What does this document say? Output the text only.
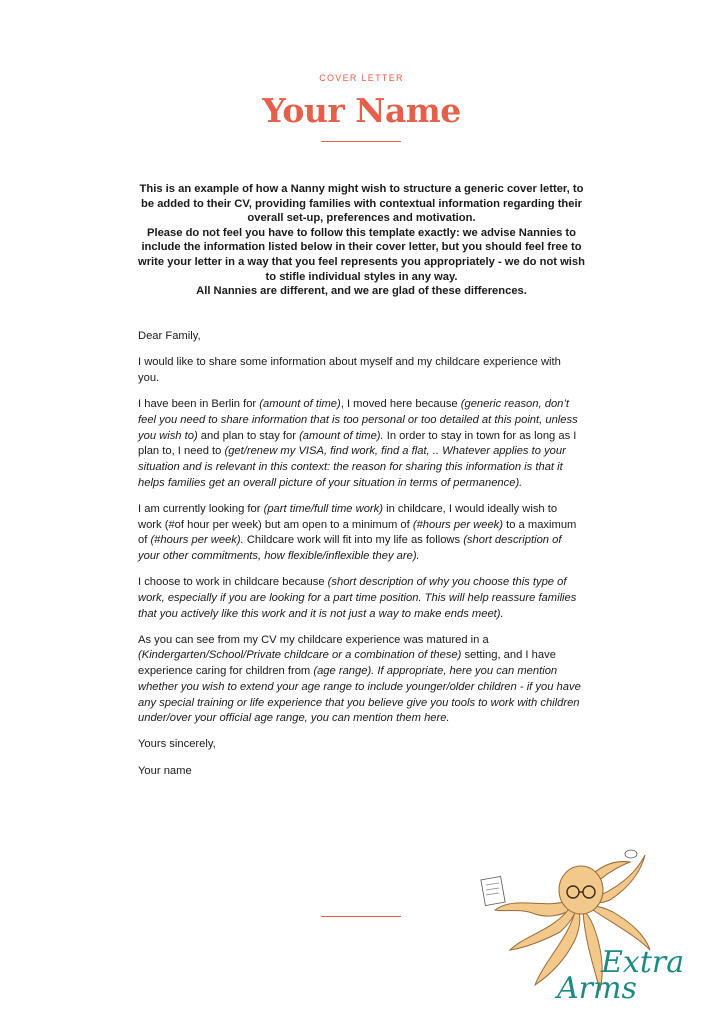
COVER LETTER
Your Name

This is an example of how a Nanny might wish to structure a generic cover letter, to be added to their CV, providing families with contextual information regarding their overall set-up, preferences and motivation.

Please do not feel you have to follow this template exactly: we advise Nannies to include the information listed below in their cover letter, but you should feel free to write your letter in a way that you feel represents you appropriately - we do not wish to stifle individual styles in any way.

All Nannies are different, and we are glad of these differences.

Dear Family,

I would like to share some information about myself and my childcare experience with you.

I have been in Berlin for (amount of time), I moved here because (generic reason, don’t feel you need to share information that is too personal or too detailed at this point, unless you wish to) and plan to stay for (amount of time). In order to stay in town for as long as I plan to, I need to (get/renew my VISA, find work, find a flat, .. Whatever applies to your situation and is relevant in this context: the reason for sharing this information is that it helps families get an overall picture of your situation in terms of permanence).

I am currently looking for (part time/full time work) in childcare, I would ideally wish to work (#of hour per week) but am open to a minimum of (#hours per week) to a maximum of (#hours per week). Childcare work will fit into my life as follows (short description of your other commitments, how flexible/inflexible they are).

I choose to work in childcare because (short description of why you choose this type of work, especially if you are looking for a part time position. This will help reassure families that you actively like this work and it is not just a way to make ends meet).

As you can see from my CV my childcare experience was matured in a (Kindergarten/School/Private childcare or a combination of these) setting, and I have experience caring for children from (age range). If appropriate, here you can mention whether you wish to extend your age range to include younger/older children - if you have any special training or life experience that you believe give you tools to work with children under/over your official age range, you can mention them here.

Yours sincerely,

Your name

Extra
Arms
